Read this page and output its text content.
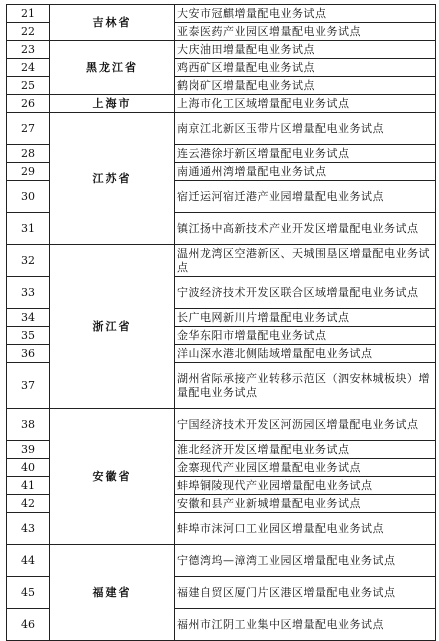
21	吉林省	大安市冠麒增量配电业务试点
22		亚泰医药产业园区增量配电业务试点
23	黑龙江省	大庆油田增量配电业务试点
24		鸡西矿区增量配电业务试点
25		鹤岗矿区增量配电业务试点
26	上海市	上海市化工区域增量配电业务试点
27	江苏省	南京江北新区玉带片区增量配电业务试点
28		连云港徐圩新区增量配电业务试点
29		南通通州湾增量配电业务试点
30		宿迁运河宿迁港产业园增量配电业务试点
31		镇江扬中高新技术产业开发区增量配电业务试点
32	浙江省	温州龙湾区空港新区、天城围垦区增量配电业务试点
33		宁波经济技术开发区联合区域增量配电业务试点
34		长广电网新川片增量配电业务试点
35		金华东阳市增量配电业务试点
36		洋山深水港北侧陆域增量配电业务试点
37		湖州省际承接产业转移示范区（泗安林城板块）增量配电业务试点
38	安徽省	宁国经济技术开发区河沥园区增量配电业务试点
39		淮北经济开发区增量配电业务试点
40		金寨现代产业园区增量配电业务试点
41		蚌埠铜陵现代产业园增量配电业务试点
42		安徽和县产业新城增量配电业务试点
43		蚌埠市沫河口工业园区增量配电业务试点
44	福建省	宁德湾坞—漳湾工业园区增量配电业务试点
45		福建自贸区厦门片区港区增量配电业务试点
46		福州市江阴工业集中区增量配电业务试点
